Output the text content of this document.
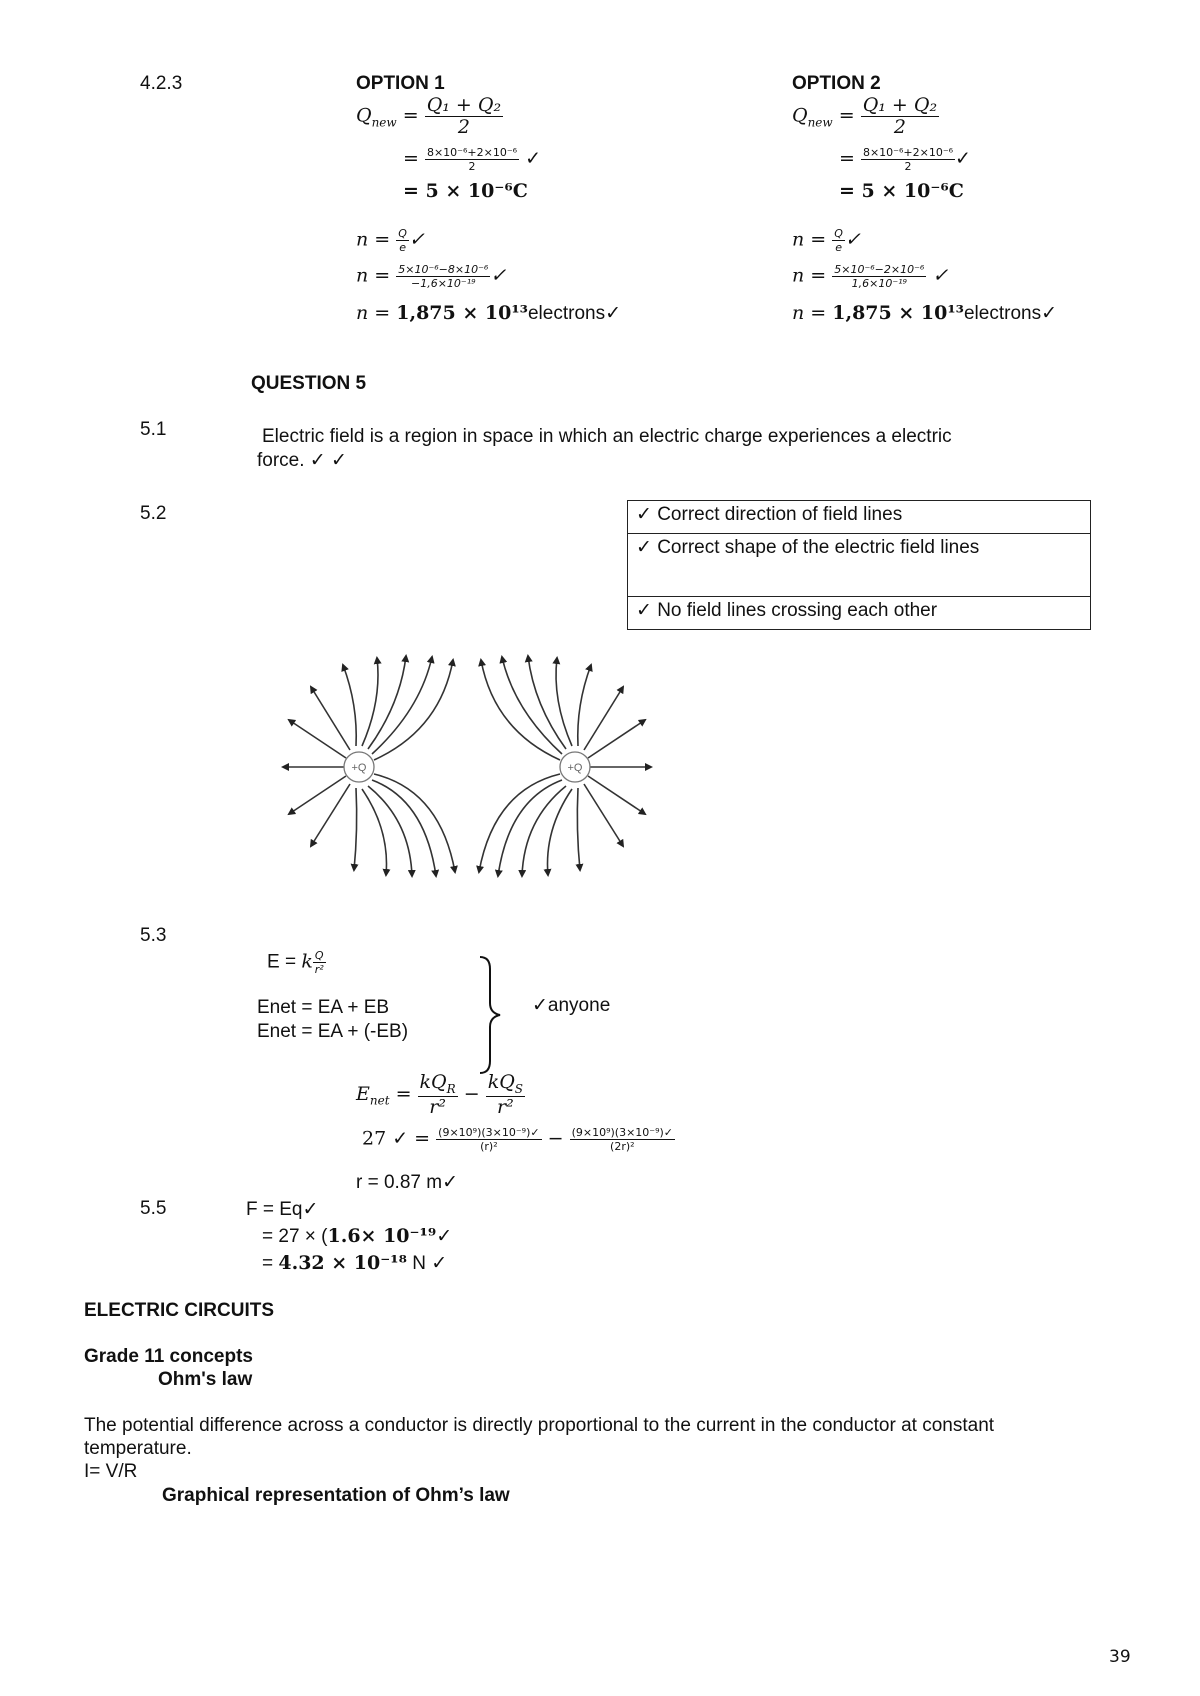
4.2.3	OPTION 1
$Q_{new} = \frac{\text{Q₁ + Q₂}}{2}$
= $\frac{\text{8×10⁻⁶+2×10⁻⁶}}{2}$ ✓
= 5 × 10⁻⁶C
$n = \frac{Q}{e}$ ✓
$n = \frac{\text{5×10⁻⁶−8×10⁻⁶}}{\text{−1,6×10⁻¹⁹}}$ ✓
n = 1,875 × 10¹³electrons✓
OPTION 2
$Q_{new} = \frac{\text{Q₁ + Q₂}}{2}$
= $\frac{\text{8×10⁻⁶+2×10⁻⁶}}{2}$ ✓
= 5 × 10⁻⁶C
$n = \frac{Q}{e}$ ✓
$n = \frac{\text{5×10⁻⁶−2×10⁻⁶}}{\text{1,6×10⁻¹⁹}}$ ✓
n = 1,875 × 10¹³electrons✓
QUESTION 5
5.1	Electric field is a region in space in which an electric charge experiences a electric
force. ✓ ✓
5.2	✓ Correct direction of field lines
✓ Correct shape of the electric field lines
✓ No field lines crossing each other
+Q	+Q
5.3
E = k $\frac{Q}{\text{r²}}$
Enet = EA + EB
Enet = EA + (-EB)
✓anyone
$E_{net} = \frac{kQ_R}{\text{r²}} - \frac{kQ_S}{\text{r²}}$
27 ✓ = $\frac{\text{(9×10⁹)(3×10⁻⁹)✓}}{\text{(r)²}} - \frac{\text{(9×10⁹)(3×10⁻⁹)✓}}{\text{(2r)²}}$
r = 0.87 m✓
5.5	F = Eq✓
= 27 × (1.6× 10⁻¹⁹✓
= 4.32 × 10⁻¹⁸ N ✓
ELECTRIC CIRCUITS
Grade 11 concepts
Ohm's law
The potential difference across a conductor is directly proportional to the current in the conductor at constant
temperature.
I= V/R
Graphical representation of Ohm’s law
39
